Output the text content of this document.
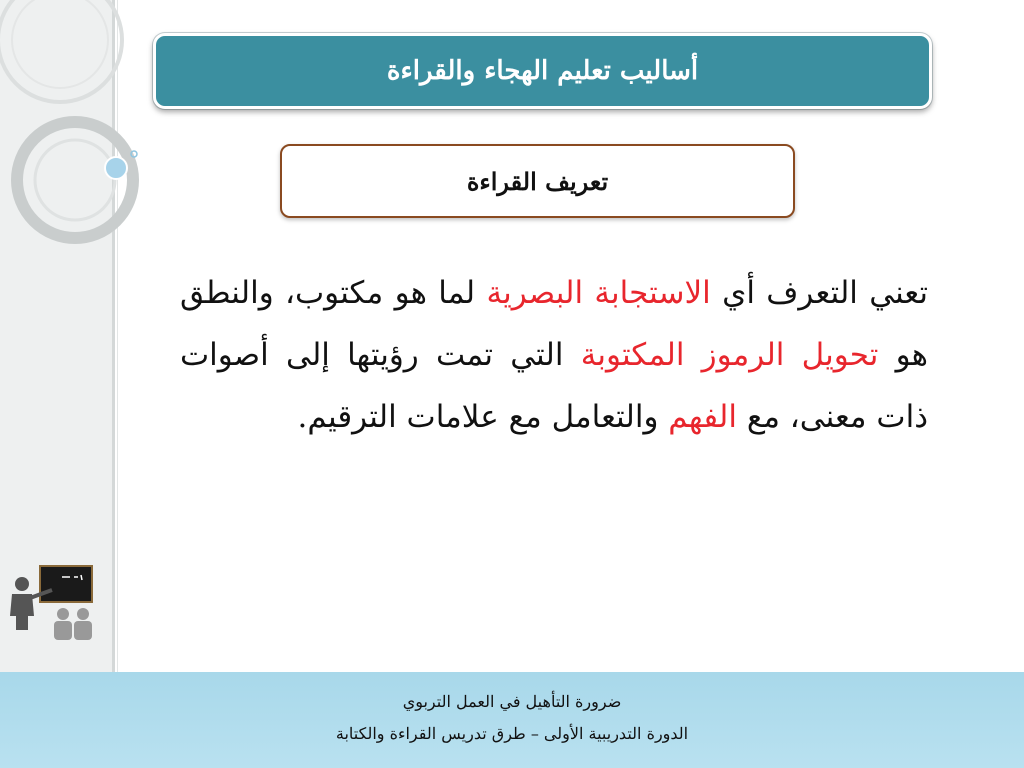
أساليب تعليم الهجاء والقراءة
تعريف القراءة
تعني التعرف أي الاستجابة البصرية لما هو مكتوب، والنطق هو تحويل الرموز المكتوبة التي تمت رؤيتها إلى أصوات ذات معنى، مع الفهم والتعامل مع علامات الترقيم.
ضرورة التأهيل في العمل التربوي
الدورة التدريبية الأولى – طرق تدريس القراءة والكتابة
